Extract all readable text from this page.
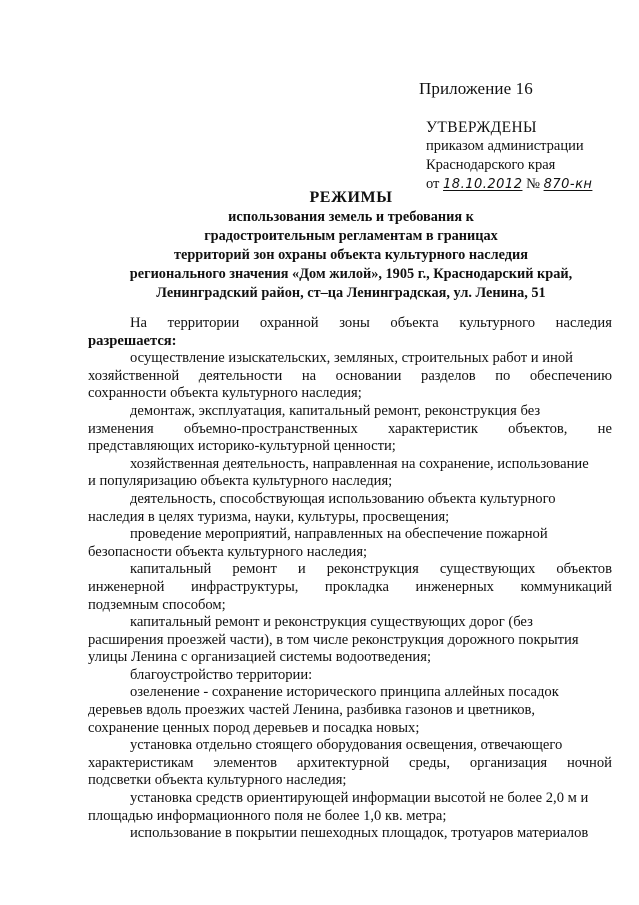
Приложение 16
УТВЕРЖДЕНЫ
приказом администрации
Краснодарского края
от 18.10.2012 № 870-кн
РЕЖИМЫ
использования земель и требования к
градостроительным регламентам в границах
территорий зон охраны объекта культурного наследия
регионального значения «Дом жилой», 1905 г., Краснодарский край,
Ленинградский район, ст–ца Ленинградская, ул. Ленина, 51

На территории охранной зоны объекта культурного наследия
разрешается:

осуществление изыскательских, земляных, строительных работ и иной
хозяйственной деятельности на основании разделов по обеспечению
сохранности объекта культурного наследия;

демонтаж, эксплуатация, капитальный ремонт, реконструкция без
изменения объемно-пространственных характеристик объектов, не
представляющих историко-культурной ценности;

хозяйственная деятельность, направленная на сохранение, использование
и популяризацию объекта культурного наследия;

деятельность, способствующая использованию объекта культурного
наследия в целях туризма, науки, культуры, просвещения;

проведение мероприятий, направленных на обеспечение пожарной
безопасности объекта культурного наследия;

капитальный ремонт и реконструкция существующих объектов
инженерной инфраструктуры, прокладка инженерных коммуникаций
подземным способом;

капитальный ремонт и реконструкция существующих дорог (без
расширения проезжей части), в том числе реконструкция дорожного покрытия
улицы Ленина с организацией системы водоотведения;

благоустройство территории:

озеленение - сохранение исторического принципа аллейных посадок
деревьев вдоль проезжих частей Ленина, разбивка газонов и цветников,
сохранение ценных пород деревьев и посадка новых;

установка отдельно стоящего оборудования освещения, отвечающего
характеристикам элементов архитектурной среды, организация ночной
подсветки объекта культурного наследия;

установка средств ориентирующей информации высотой не более 2,0 м и
площадью информационного поля не более 1,0 кв. метра;

использование в покрытии пешеходных площадок, тротуаров материалов
